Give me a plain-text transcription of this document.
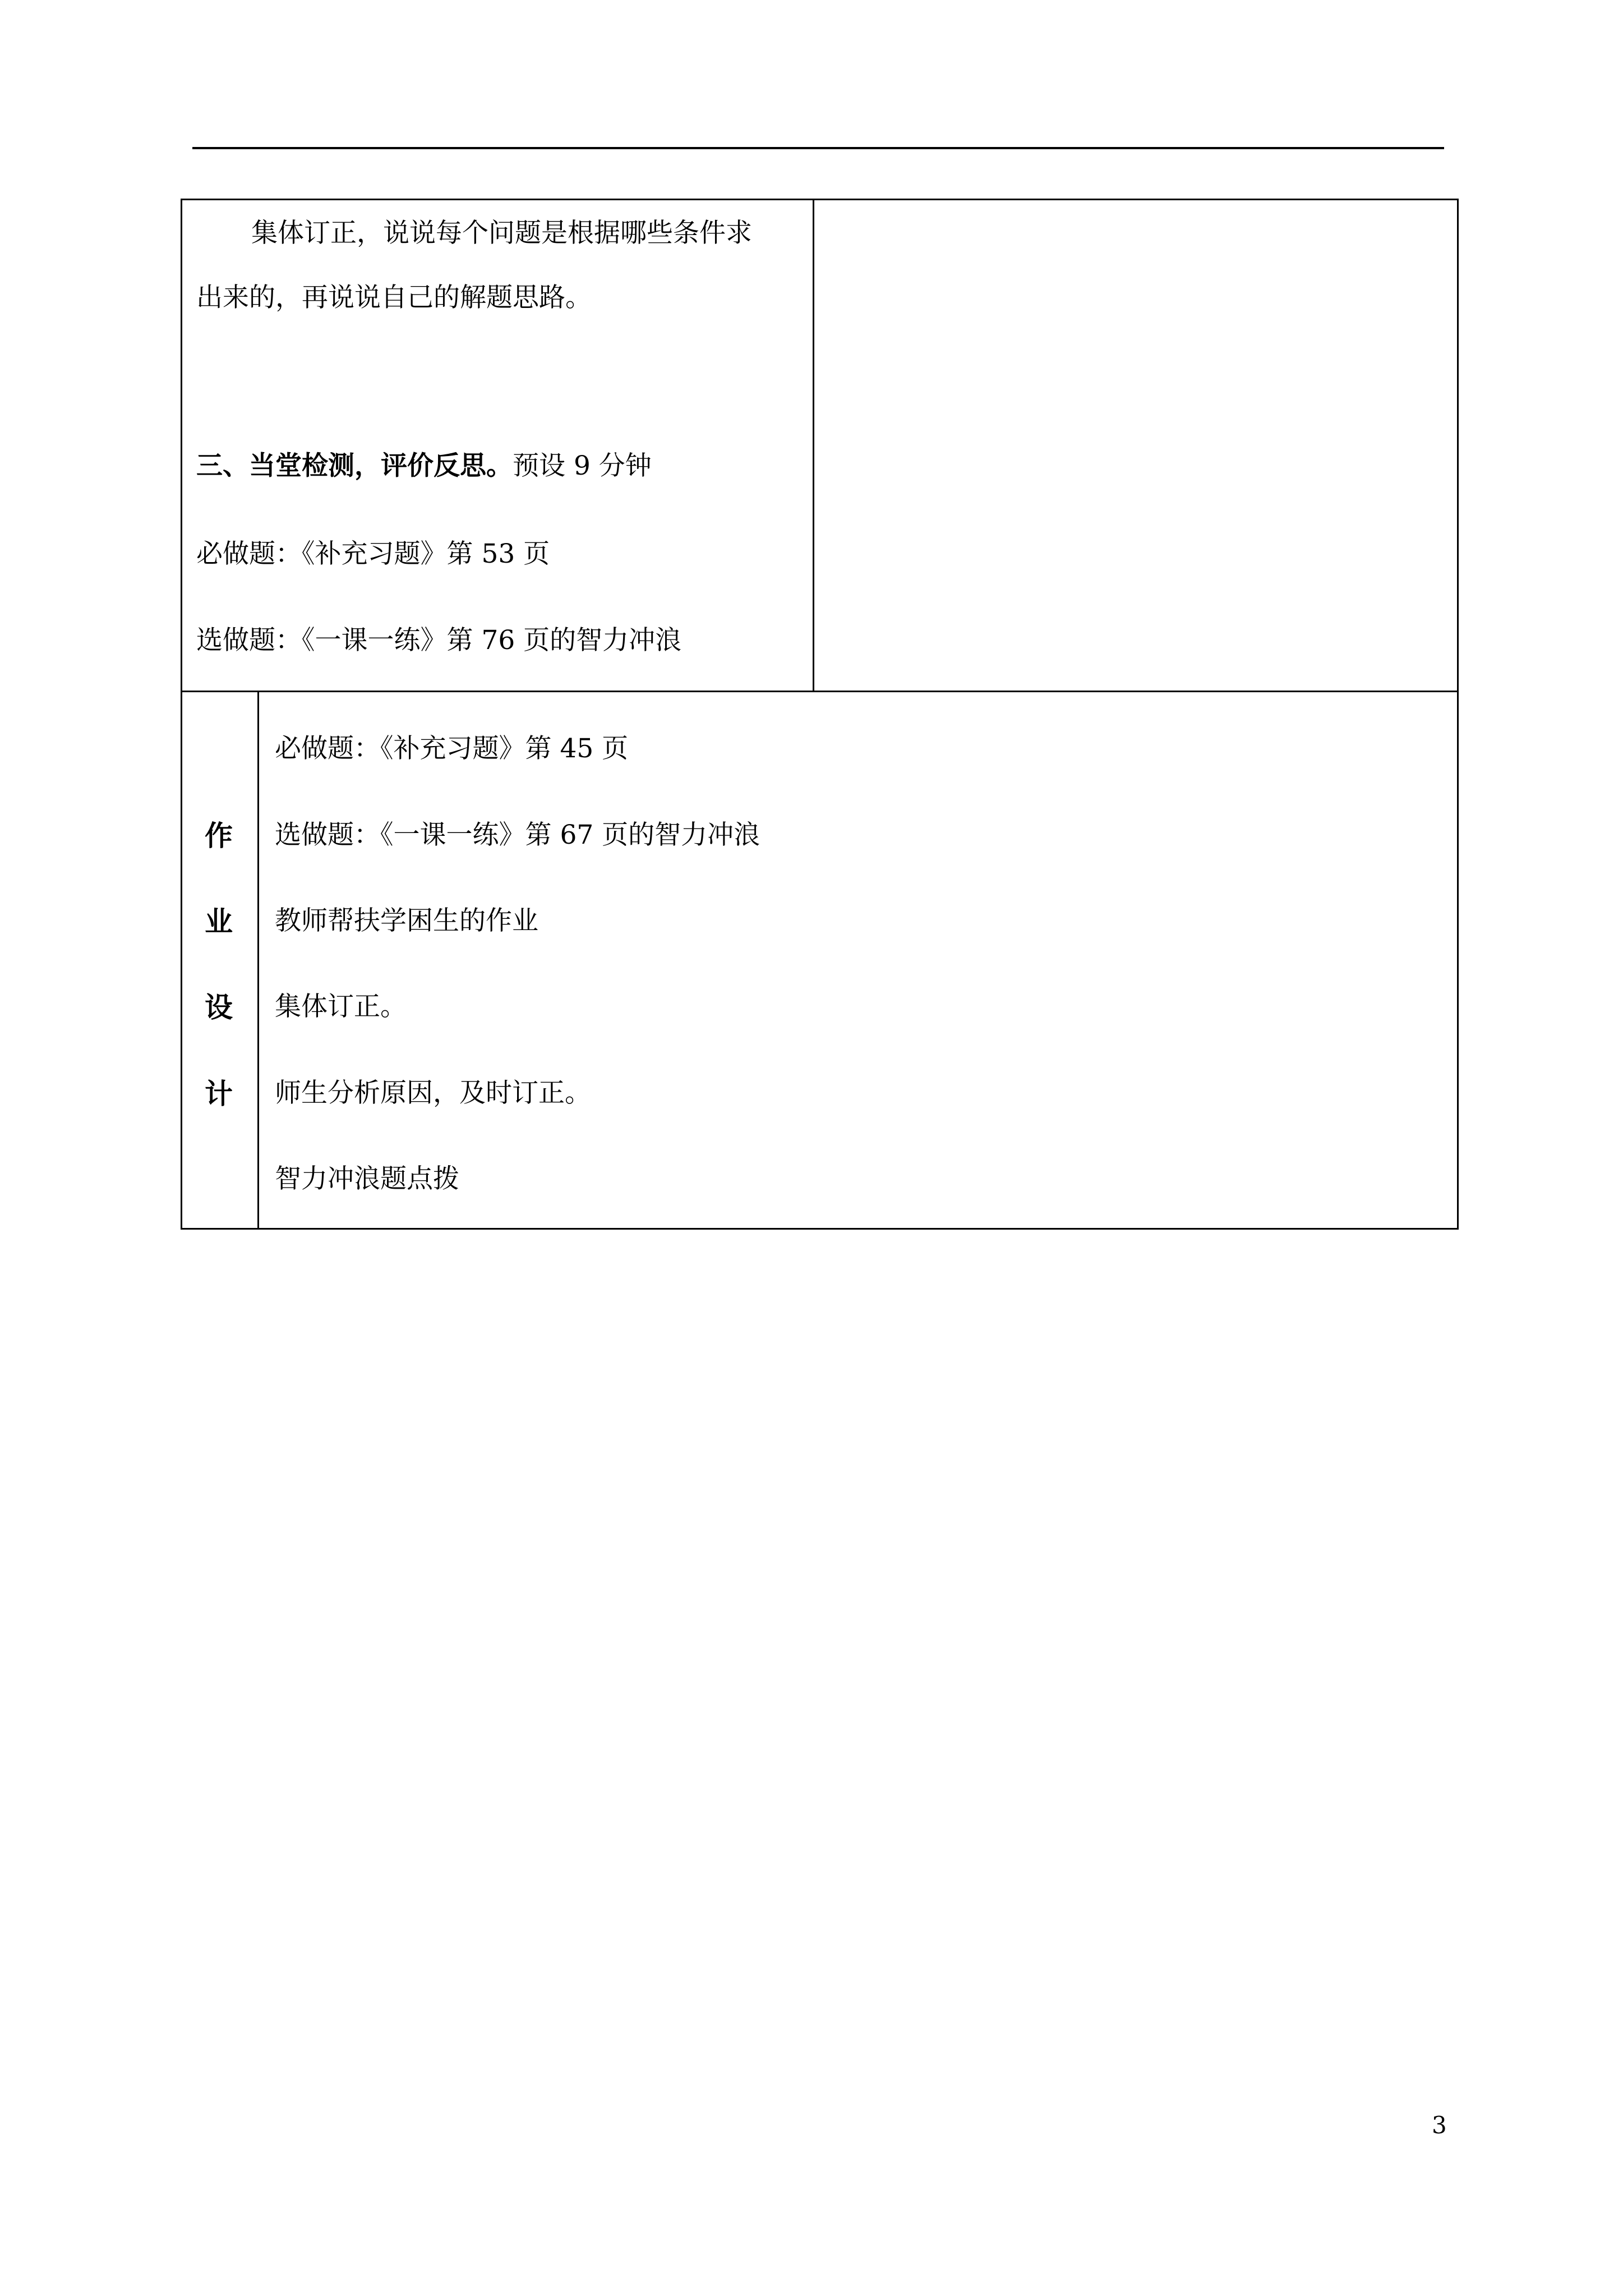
集体订正，说说每个问题是根据哪些条件求
出来的，再说说自己的解题思路。
三、当堂检测，评价反思。预设 9 分钟
必做题：《补充习题》第 53 页
选做题：《一课一练》第 76 页的智力冲浪
作
业
设
计
必做题：《补充习题》第 45 页
选做题：《一课一练》第 67 页的智力冲浪
教师帮扶学困生的作业
集体订正。
师生分析原因，及时订正。
智力冲浪题点拨
3
